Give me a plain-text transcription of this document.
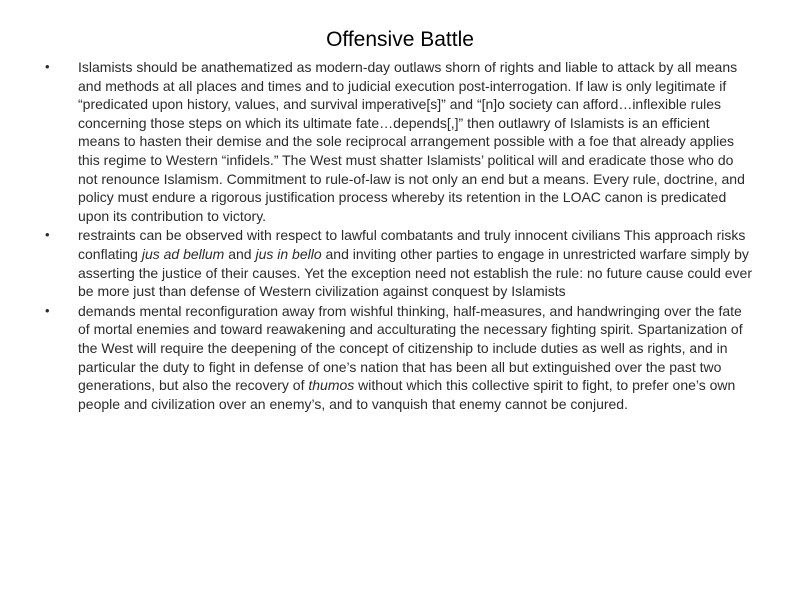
Offensive Battle
• Islamists should be anathematized as modern-day outlaws shorn of rights and liable to attack by all means and methods at all places and times and to judicial execution post-interrogation. If law is only legitimate if “predicated upon history, values, and survival imperative[s]” and “[n]o society can afford…inflexible rules concerning those steps on which its ultimate fate…depends[,]” then outlawry of Islamists is an efficient means to hasten their demise and the sole reciprocal arrangement possible with a foe that already applies this regime to Western “infidels.” The West must shatter Islamists’ political will and eradicate those who do not renounce Islamism. Commitment to rule-of-law is not only an end but a means. Every rule, doctrine, and policy must endure a rigorous justification process whereby its retention in the LOAC canon is predicated upon its contribution to victory.
• restraints can be observed with respect to lawful combatants and truly innocent civilians This approach risks conflating jus ad bellum and jus in bello and inviting other parties to engage in unrestricted warfare simply by asserting the justice of their causes. Yet the exception need not establish the rule: no future cause could ever be more just than defense of Western civilization against conquest by Islamists
• demands mental reconfiguration away from wishful thinking, half-measures, and handwringing over the fate of mortal enemies and toward reawakening and acculturating the necessary fighting spirit. Spartanization of the West will require the deepening of the concept of citizenship to include duties as well as rights, and in particular the duty to fight in defense of one’s nation that has been all but extinguished over the past two generations, but also the recovery of thumos without which this collective spirit to fight, to prefer one’s own people and civilization over an enemy’s, and to vanquish that enemy cannot be conjured.
